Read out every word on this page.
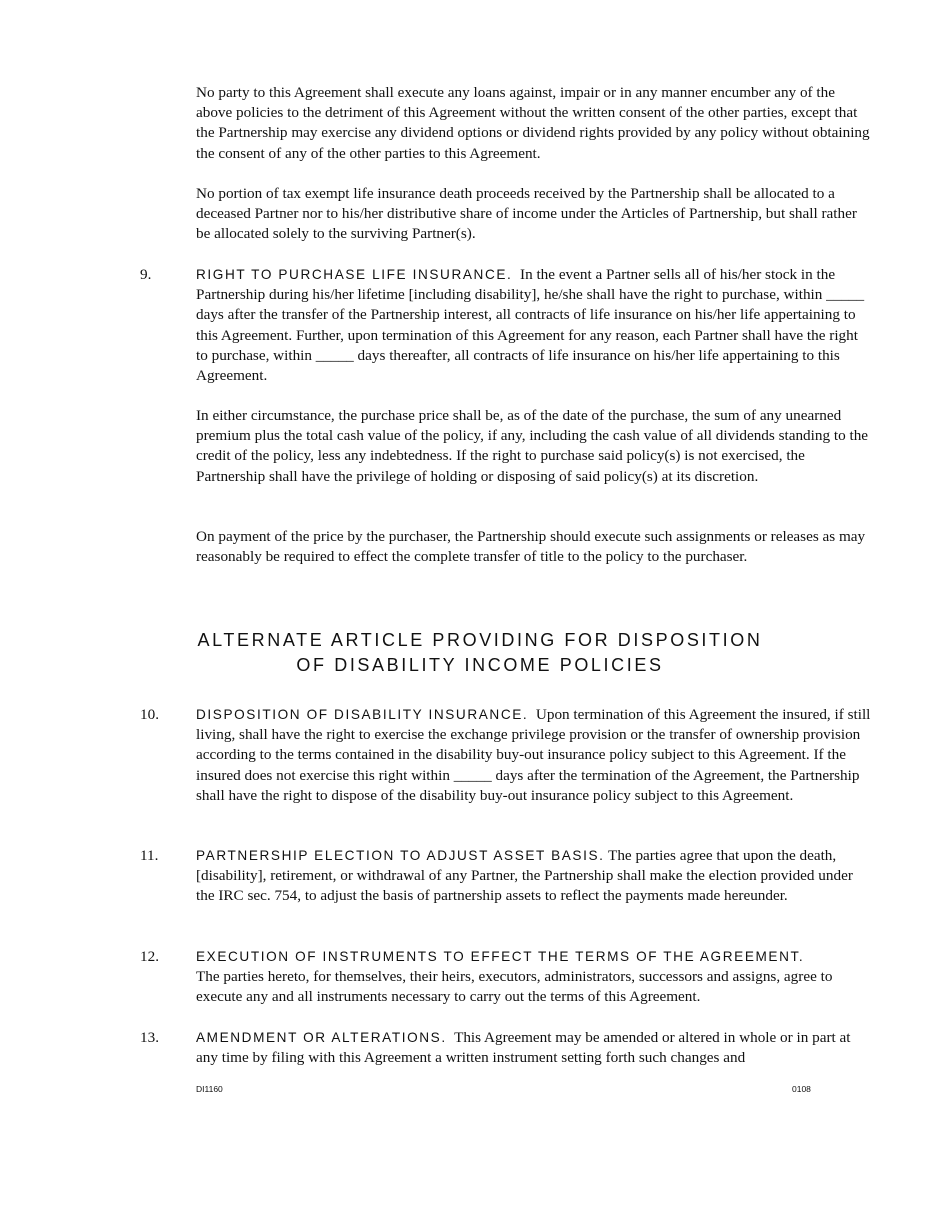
No party to this Agreement shall execute any loans against, impair or in any manner encumber any of the above policies to the detriment of this Agreement without the written consent of the other parties, except that the Partnership may exercise any dividend options or dividend rights provided by any policy without obtaining the consent of any of the other parties to this Agreement.

No portion of tax exempt life insurance death proceeds received by the Partnership shall be allocated to a deceased Partner nor to his/her distributive share of income under the Articles of Partnership, but shall rather be allocated solely to the surviving Partner(s).

9.	RIGHT TO PURCHASE LIFE INSURANCE. In the event a Partner sells all of his/her stock in the Partnership during his/her lifetime [including disability], he/she shall have the right to purchase, within _____ days after the transfer of the Partnership interest, all contracts of life insurance on his/her life appertaining to this Agreement. Further, upon termination of this Agreement for any reason, each Partner shall have the right to purchase, within _____ days thereafter, all contracts of life insurance on his/her life appertaining to this Agreement.

In either circumstance, the purchase price shall be, as of the date of the purchase, the sum of any unearned premium plus the total cash value of the policy, if any, including the cash value of all dividends standing to the credit of the policy, less any indebtedness. If the right to purchase said policy(s) is not exercised, the Partnership shall have the privilege of holding or disposing of said policy(s) at its discretion.

On payment of the price by the purchaser, the Partnership should execute such assignments or releases as may reasonably be required to effect the complete transfer of title to the policy to the purchaser.

ALTERNATE ARTICLE PROVIDING FOR DISPOSITION
OF DISABILITY INCOME POLICIES
10.	DISPOSITION OF DISABILITY INSURANCE. Upon termination of this Agreement the insured, if still living, shall have the right to exercise the exchange privilege provision or the transfer of ownership provision according to the terms contained in the disability buy-out insurance policy subject to this Agreement. If the insured does not exercise this right within _____ days after the termination of the Agreement, the Partnership shall have the right to dispose of the disability buy-out insurance policy subject to this Agreement.

11.	PARTNERSHIP ELECTION TO ADJUST ASSET BASIS. The parties agree that upon the death, [disability], retirement, or withdrawal of any Partner, the Partnership shall make the election provided under the IRC sec. 754, to adjust the basis of partnership assets to reflect the payments made hereunder.

12.	EXECUTION OF INSTRUMENTS TO EFFECT THE TERMS OF THE AGREEMENT.
The parties hereto, for themselves, their heirs, executors, administrators, successors and assigns, agree to execute any and all instruments necessary to carry out the terms of this Agreement.

13.	AMENDMENT OR ALTERATIONS. This Agreement may be amended or altered in whole or in part at any time by filing with this Agreement a written instrument setting forth such changes and

DI1160	0108
